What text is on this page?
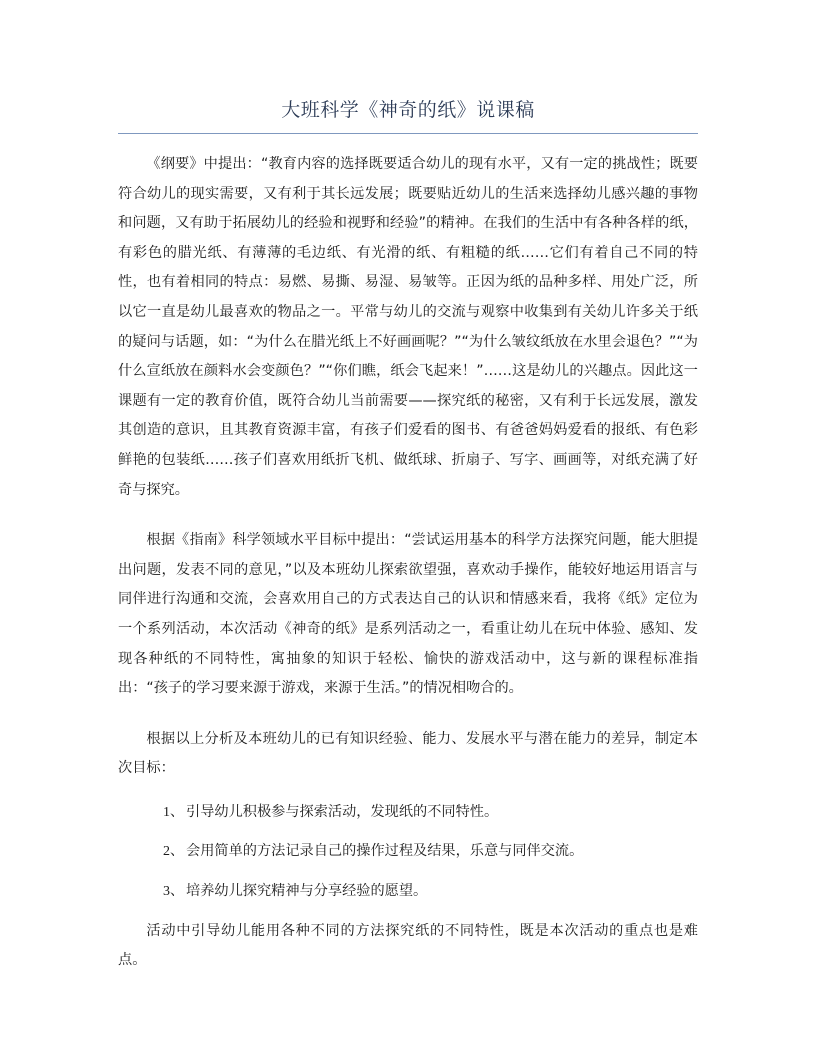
大班科学《神奇的纸》说课稿

《纲要》中提出：“教育内容的选择既要适合幼儿的现有水平，又有一定的挑战性；既要符合幼儿的现实需要，又有利于其长远发展；既要贴近幼儿的生活来选择幼儿感兴趣的事物和问题，又有助于拓展幼儿的经验和视野和经验”的精神。在我们的生活中有各种各样的纸，有彩色的腊光纸、有薄薄的毛边纸、有光滑的纸、有粗糙的纸……它们有着自己不同的特性，也有着相同的特点：易燃、易撕、易湿、易皱等。正因为纸的品种多样、用处广泛，所以它一直是幼儿最喜欢的物品之一。平常与幼儿的交流与观察中收集到有关幼儿许多关于纸的疑问与话题，如：“为什么在腊光纸上不好画画呢？”“为什么皱纹纸放在水里会退色？”“为什么宣纸放在颜料水会变颜色？”“你们瞧，纸会飞起来！”……这是幼儿的兴趣点。因此这一课题有一定的教育价值，既符合幼儿当前需要——探究纸的秘密，又有利于长远发展，激发其创造的意识，且其教育资源丰富，有孩子们爱看的图书、有爸爸妈妈爱看的报纸、有色彩鲜艳的包装纸……孩子们喜欢用纸折飞机、做纸球、折扇子、写字、画画等，对纸充满了好奇与探究。

根据《指南》科学领域水平目标中提出：“尝试运用基本的科学方法探究问题，能大胆提出问题，发表不同的意见，”以及本班幼儿探索欲望强，喜欢动手操作，能较好地运用语言与同伴进行沟通和交流，会喜欢用自己的方式表达自己的认识和情感来看，我将《纸》定位为一个系列活动，本次活动《神奇的纸》是系列活动之一，看重让幼儿在玩中体验、感知、发现各种纸的不同特性，寓抽象的知识于轻松、愉快的游戏活动中，这与新的课程标准指出：“孩子的学习要来源于游戏，来源于生活。”的情况相吻合的。

根据以上分析及本班幼儿的已有知识经验、能力、发展水平与潜在能力的差异，制定本次目标：

1、 引导幼儿积极参与探索活动，发现纸的不同特性。
2、 会用简单的方法记录自己的操作过程及结果，乐意与同伴交流。
3、 培养幼儿探究精神与分享经验的愿望。

活动中引导幼儿能用各种不同的方法探究纸的不同特性，既是本次活动的重点也是难点。
